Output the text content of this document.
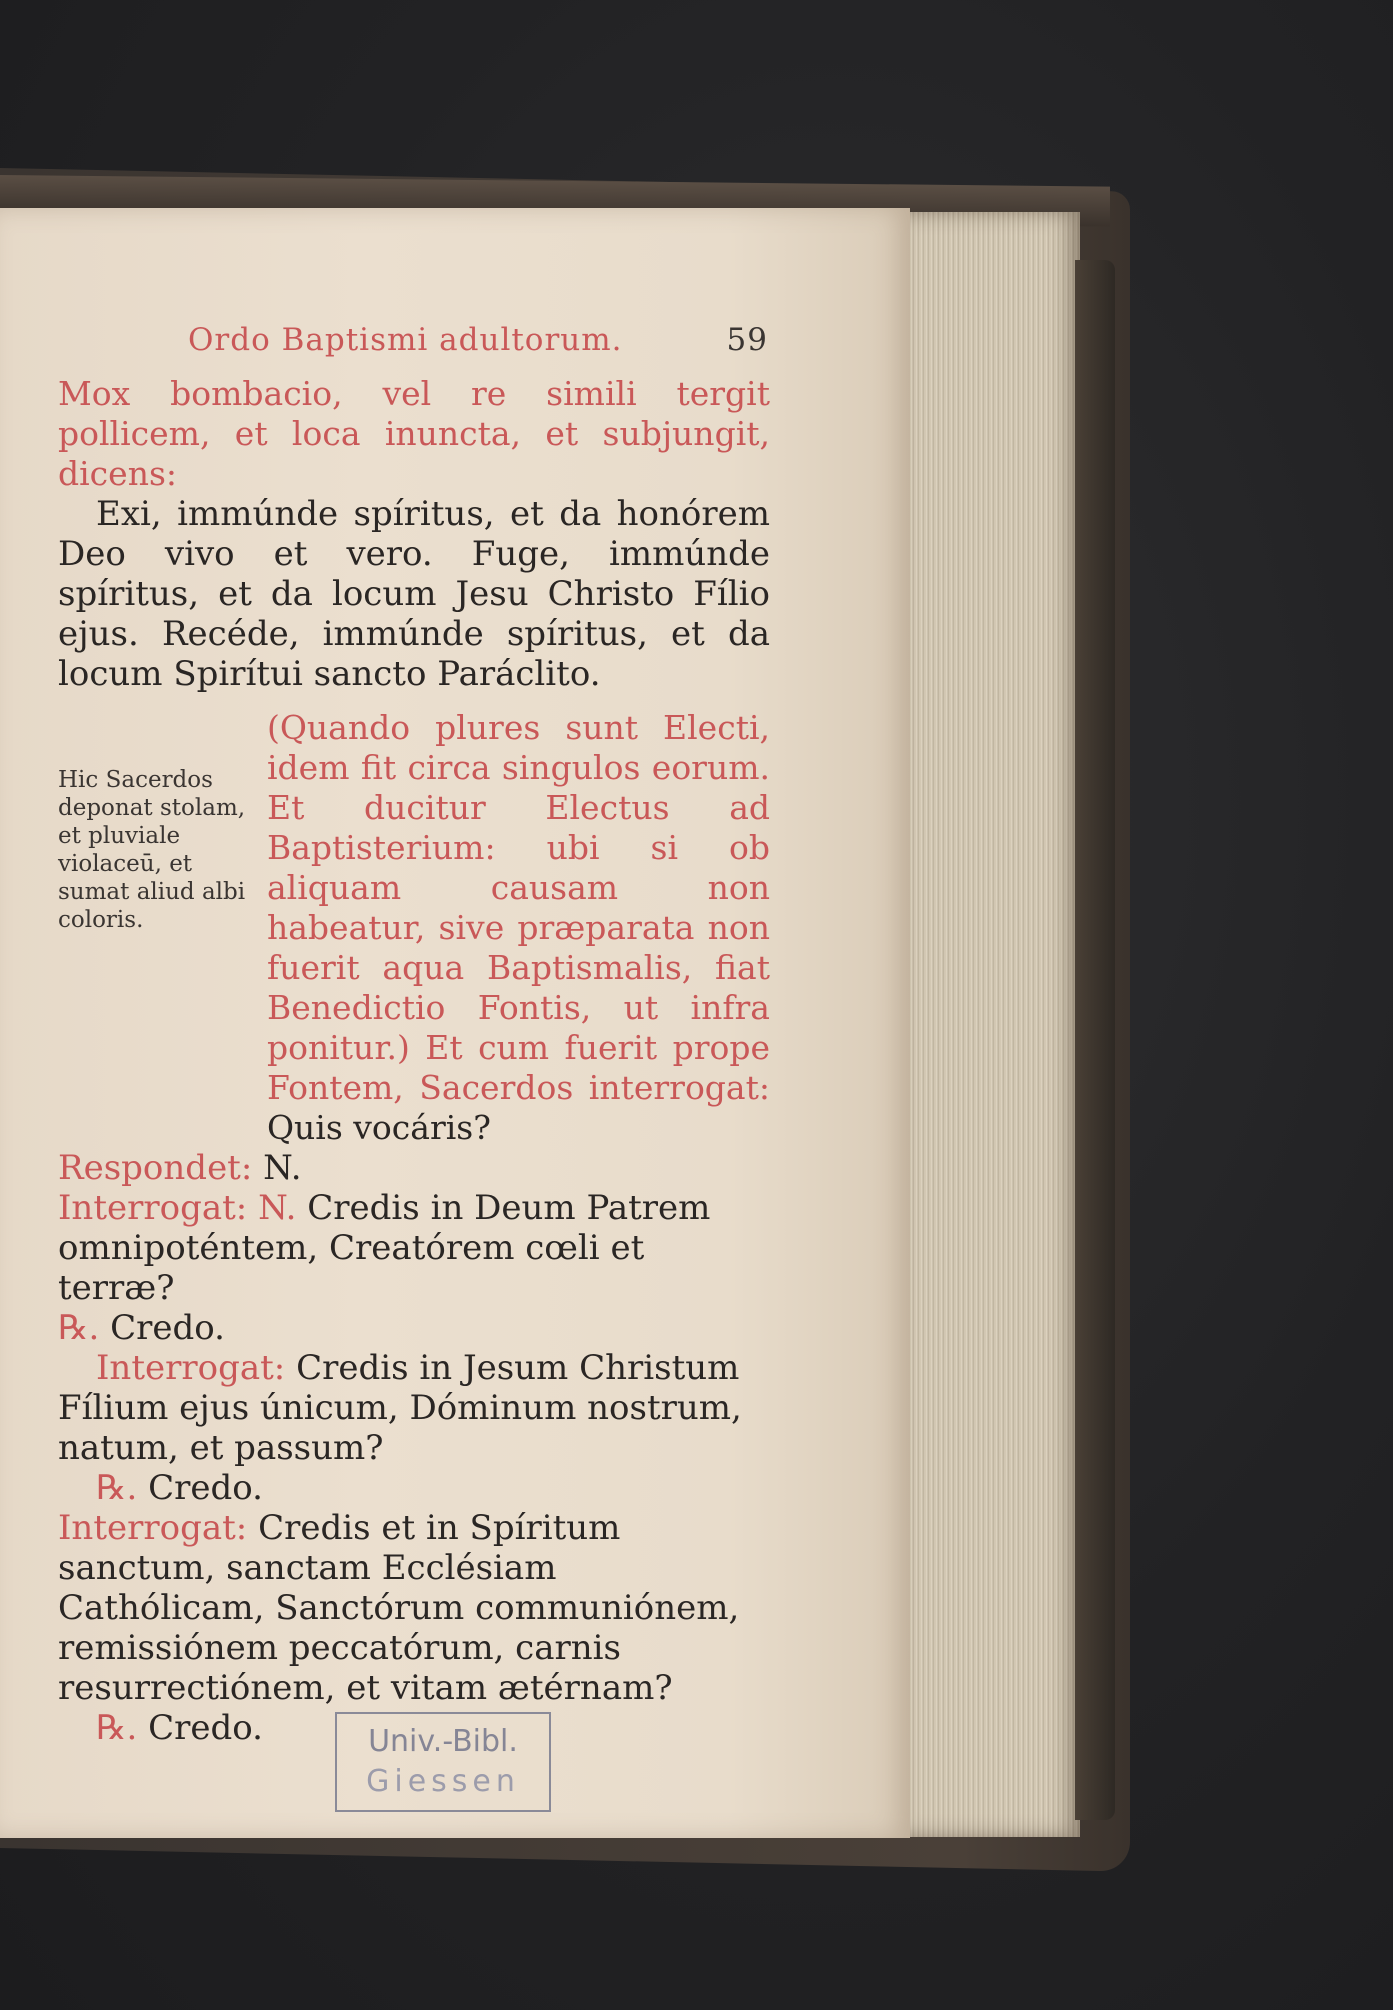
Ordo Baptismi adultorum.	59

Mox bombacio, vel re simili tergit pollicem, et loca inuncta, et subjungit, dicens:

Exi, immúnde spíritus, et da honórem Deo vivo et vero. Fuge, immúnde spíritus, et da locum Jesu Christo Fílio ejus. Recéde, immúnde spíritus, et da locum Spirítui sancto Paráclito.

Hic Sacerdos deponat stolam, et pluviale violaceū, et sumat aliud albi coloris.
(Quando plures sunt Electi, idem fit circa singulos eorum. Et ducitur Electus ad Baptisterium: ubi si ob aliquam causam non habeatur, sive præparata non fuerit aqua Baptismalis, fiat Benedictio Fontis, ut infra ponitur.) Et cum fuerit prope Fontem, Sacerdos interrogat: Quis vocáris?

Respondet: N.

Interrogat: N. Credis in Deum Patrem omnipoténtem, Creatórem cœli et terræ?

℞. Credo.

Interrogat: Credis in Jesum Christum Fílium ejus únicum, Dóminum nostrum, natum, et passum?

℞. Credo.

Interrogat: Credis et in Spíritum sanctum, sanctam Ecclésiam Cathólicam, Sanctórum communiónem, remissiónem peccatórum, carnis resurrectiónem, et vitam ætérnam?

℞. Credo.	Univ.-Bibl.
Giessen
